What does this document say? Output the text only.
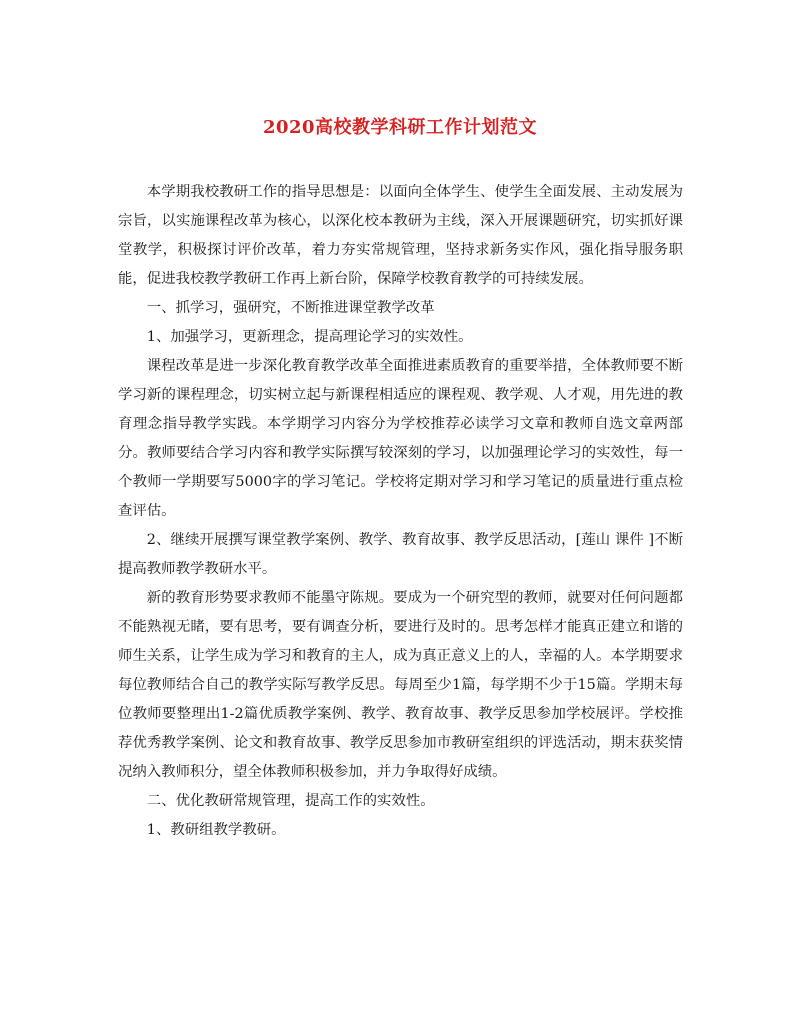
2020高校教学科研工作计划范文

本学期我校教研工作的指导思想是：以面向全体学生、使学生全面发展、主动发展为宗旨，以实施课程改革为核心，以深化校本教研为主线，深入开展课题研究，切实抓好课堂教学，积极探讨评价改革，着力夯实常规管理，坚持求新务实作风，强化指导服务职能，促进我校教学教研工作再上新台阶，保障学校教育教学的可持续发展。

一、抓学习，强研究，不断推进课堂教学改革

1、加强学习，更新理念，提高理论学习的实效性。

课程改革是进一步深化教育教学改革全面推进素质教育的重要举措，全体教师要不断学习新的课程理念，切实树立起与新课程相适应的课程观、教学观、人才观，用先进的教育理念指导教学实践。本学期学习内容分为学校推荐必读学习文章和教师自选文章两部分。教师要结合学习内容和教学实际撰写较深刻的学习，以加强理论学习的实效性，每一个教师一学期要写5000字的学习笔记。学校将定期对学习和学习笔记的质量进行重点检查评估。

2、继续开展撰写课堂教学案例、教学、教育故事、教学反思活动，[莲山 课件 ]不断提高教师教学教研水平。

新的教育形势要求教师不能墨守陈规。要成为一个研究型的教师，就要对任何问题都不能熟视无睹，要有思考，要有调查分析，要进行及时的。思考怎样才能真正建立和谐的师生关系，让学生成为学习和教育的主人，成为真正意义上的人，幸福的人。本学期要求每位教师结合自己的教学实际写教学反思。每周至少1篇，每学期不少于15篇。学期末每位教师要整理出1-2篇优质教学案例、教学、教育故事、教学反思参加学校展评。学校推荐优秀教学案例、论文和教育故事、教学反思参加市教研室组织的评选活动，期末获奖情况纳入教师积分，望全体教师积极参加，并力争取得好成绩。

二、优化教研常规管理，提高工作的实效性。

1、教研组教学教研。
